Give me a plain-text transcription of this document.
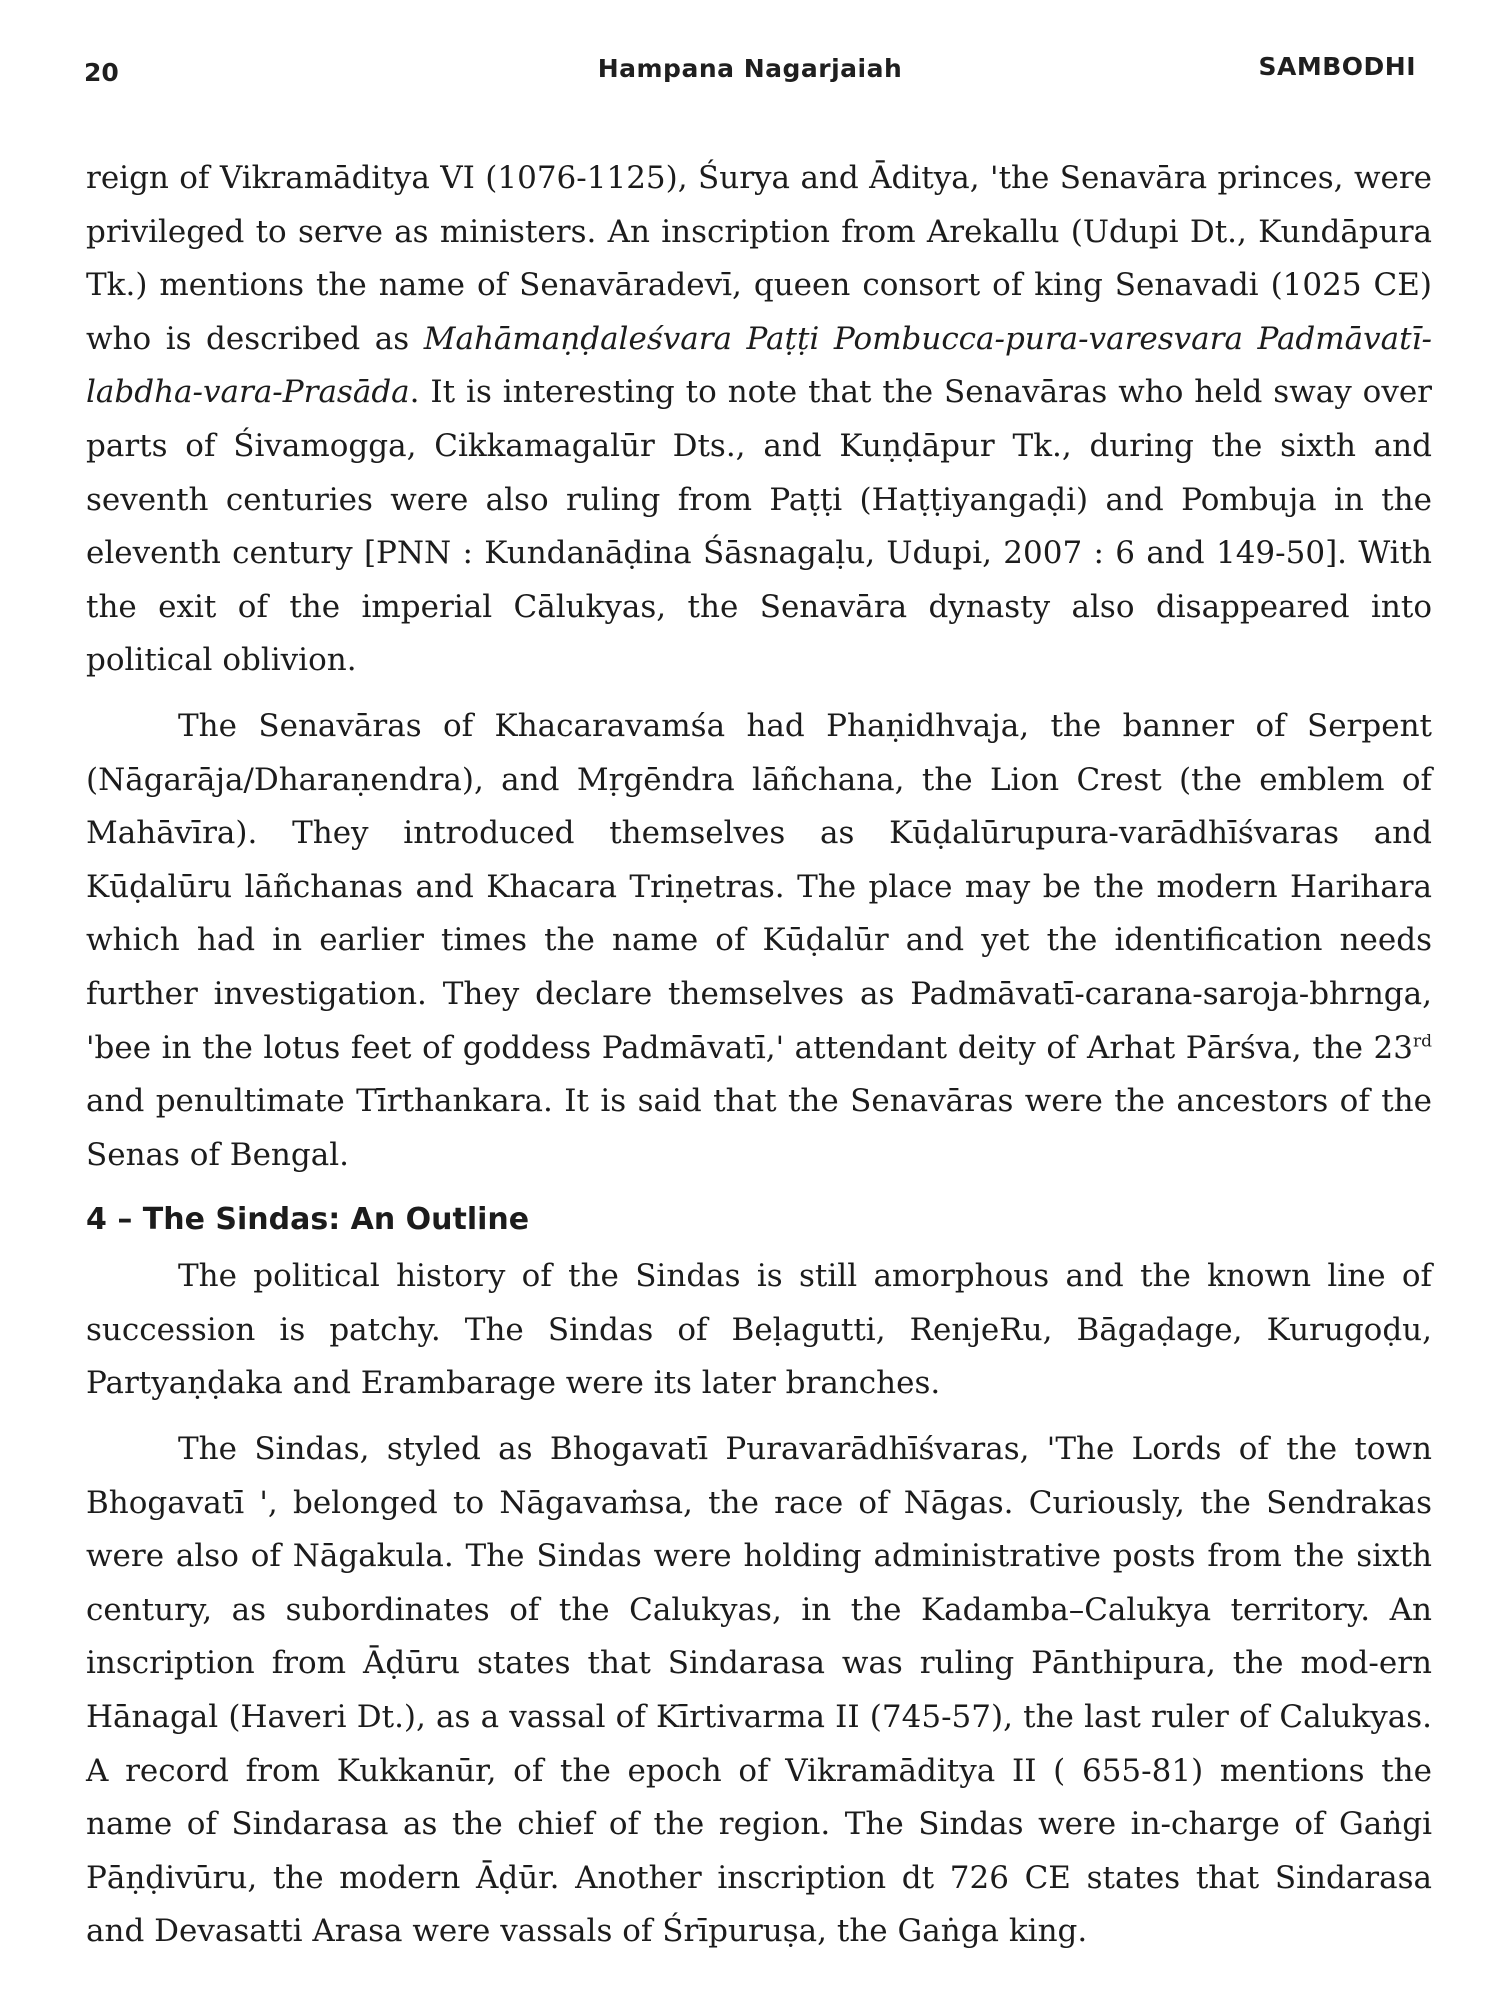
20	Hampana Nagarjaiah	SAMBODHI

reign of Vikramāditya VI (1076-1125), Śurya and Āditya, 'the Senavāra princes, were privileged to serve as ministers. An inscription from Arekallu (Udupi Dt., Kundāpura Tk.) mentions the name of Senavāradevī, queen consort of king Senavadi (1025 CE) who is described as Mahāmaṇḍaleśvara Paṭṭi Pombucca-pura-varesvara Padmāvatī-labdha-vara-Prasāda. It is interesting to note that the Senavāras who held sway over parts of Śivamogga, Cikkamagalūr Dts., and Kuṇḍāpur Tk., during the sixth and seventh centuries were also ruling from Paṭṭi (Haṭṭiyangaḍi) and Pombuja in the eleventh century [PNN : Kundanāḍina Śāsnagaḷu, Udupi, 2007 : 6 and 149-50]. With the exit of the imperial Cālukyas, the Senavāra dynasty also disappeared into political oblivion.

The Senavāras of Khacaravamśa had Phaṇidhvaja, the banner of Serpent (Nāgarāja/Dharaṇendra), and Mṛgēndra lāñchana, the Lion Crest (the emblem of Mahāvīra). They introduced themselves as Kūḍalūrupura-varādhīśvaras and Kūḍalūru lāñchanas and Khacara Triṇetras. The place may be the modern Harihara which had in earlier times the name of Kūḍalūr and yet the identification needs further investigation. They declare themselves as Padmāvatī-carana-saroja-bhrnga, 'bee in the lotus feet of goddess Padmāvatī,' attendant deity of Arhat Pārśva, the 23rd and penultimate Tīrthankara. It is said that the Senavāras were the ancestors of the Senas of Bengal.

4 – The Sindas: An Outline

The political history of the Sindas is still amorphous and the known line of succession is patchy. The Sindas of Beḷagutti, RenjeRu, Bāgaḍage, Kurugoḍu, Partyaṇḍaka and Erambarage were its later branches.

The Sindas, styled as Bhogavatī Puravarādhīśvaras, 'The Lords of the town Bhogavatī ', belonged to Nāgavaṁsa, the race of Nāgas. Curiously, the Sendrakas were also of Nāgakula. The Sindas were holding administrative posts from the sixth century, as subordinates of the Calukyas, in the Kadamba–Calukya territory. An inscription from Āḍūru states that Sindarasa was ruling Pānthipura, the mod-ern Hānagal (Haveri Dt.), as a vassal of Kīrtivarma II (745-57), the last ruler of Calukyas. A record from Kukkanūr, of the epoch of Vikramāditya II ( 655-81) mentions the name of Sindarasa as the chief of the region. The Sindas were in-charge of Gaṅgi Pāṇḍivūru, the modern Āḍūr. Another inscription dt 726 CE states that Sindarasa and Devasatti Arasa were vassals of Śrīpuruṣa, the Gaṅga king.
